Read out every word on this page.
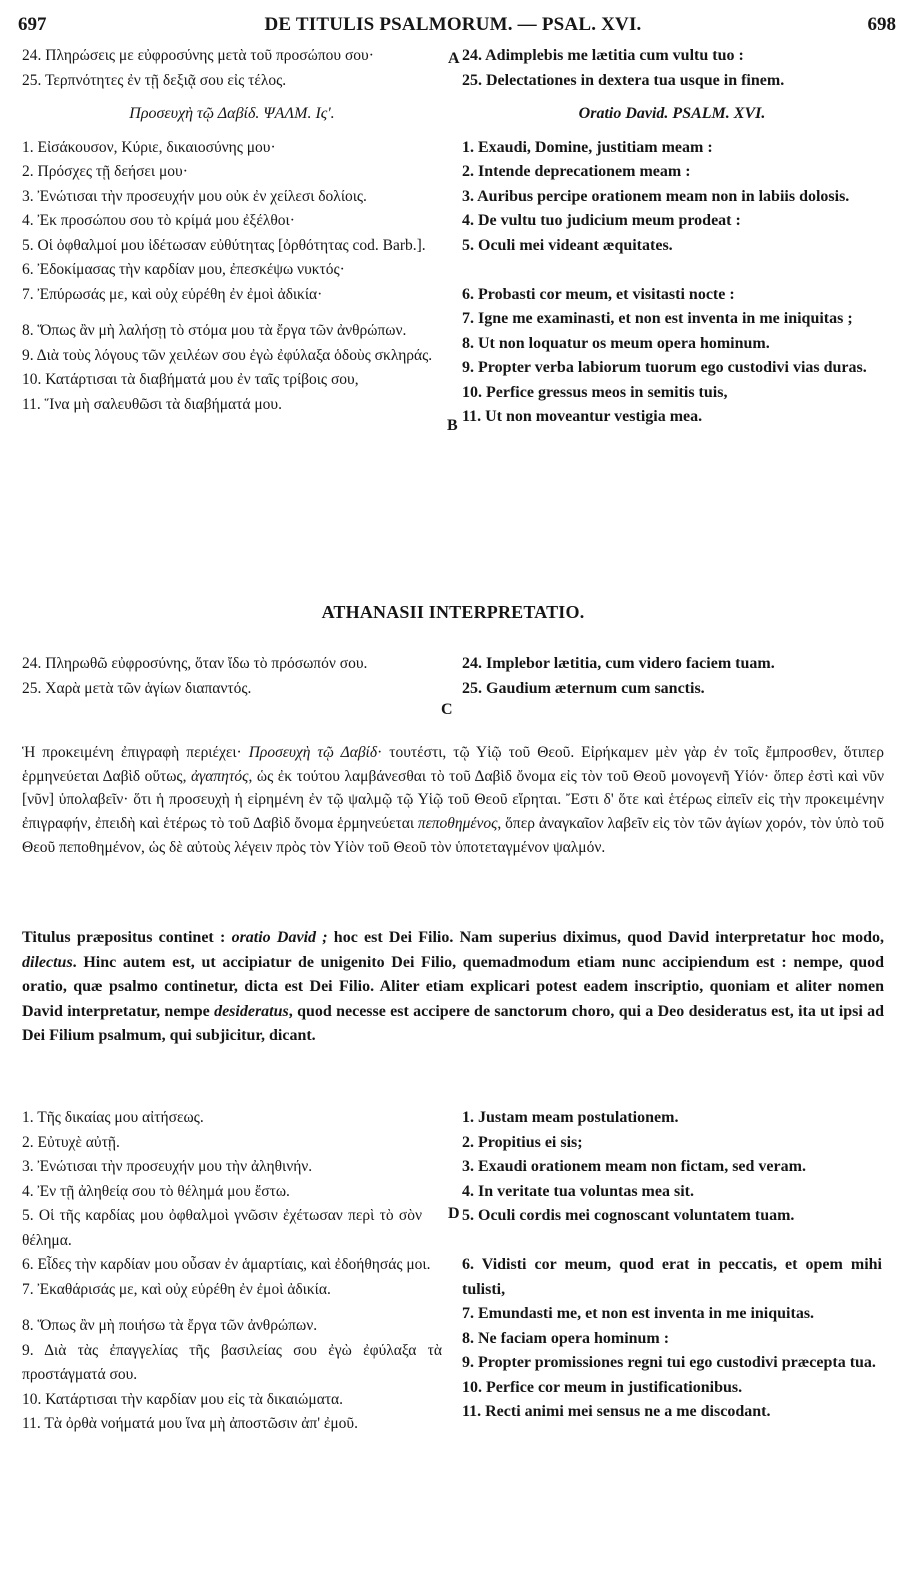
697	DE TITULIS PSALMORUM. — PSAL. XVI.	698

24. Πληρώσεις με εὐφροσύνης μετὰ τοῦ προσώπου σου·

25. Τερπνότητες ἐν τῇ δεξιᾷ σου εἰς τέλος.

Προσευχὴ τῷ Δαβίδ. ΨΑΛΜ. Ις'.

1. Εἰσάκουσον, Κύριε, δικαιοσύνης μου·

2. Πρόσχες τῇ δεήσει μου·

3. Ἐνώτισαι τὴν προσευχήν μου οὐκ ἐν χείλεσι δολίοις.

4. Ἐκ προσώπου σου τὸ κρίμά μου ἐξέλθοι·

5. Οἱ ὀφθαλμοί μου ἰδέτωσαν εὐθύτητας [ὀρθότητας cod. Barb.].

6. Ἐδοκίμασας τὴν καρδίαν μου, ἐπεσκέψω νυκτός·

7. Ἐπύρωσάς με, καὶ οὐχ εὑρέθη ἐν ἐμοὶ ἀδικία·

8. Ὅπως ἂν μὴ λαλήσῃ τὸ στόμα μου τὰ ἔργα τῶν ἀνθρώπων.

9. Διὰ τοὺς λόγους τῶν χειλέων σου ἐγὼ ἐφύλαξα ὁδοὺς σκληράς.

10. Κατάρτισαι τὰ διαβήματά μου ἐν ταῖς τρίβοις σου,

11. Ἵνα μὴ σαλευθῶσι τὰ διαβήματά μου.

24. Adimplebis me lætitia cum vultu tuo :

25. Delectationes in dextera tua usque in finem.

Oratio David. PSALM. XVI.

1. Exaudi, Domine, justitiam meam :

2. Intende deprecationem meam :

3. Auribus percipe orationem meam non in labiis dolosis.

4. De vultu tuo judicium meum prodeat :

5. Oculi mei videant æquitates.

6. Probasti cor meum, et visitasti nocte :

7. Igne me examinasti, et non est inventa in me iniquitas ;

8. Ut non loquatur os meum opera hominum.

9. Propter verba labiorum tuorum ego custodivi vias duras.

10. Perfice gressus meos in semitis tuis,

11. Ut non moveantur vestigia mea.

A
B
ATHANASII INTERPRETATIO.

24. Πληρωθῶ εὐφροσύνης, ὅταν ἴδω τὸ πρόσωπόν σου.

25. Χαρὰ μετὰ τῶν ἁγίων διαπαντός.

24. Implebor lætitia, cum videro faciem tuam.

25. Gaudium æternum cum sanctis.

C

Ἡ προκειμένη ἐπιγραφὴ περιέχει· Προσευχὴ τῷ Δαβίδ· τουτέστι, τῷ Υἱῷ τοῦ Θεοῦ. Εἰρήκαμεν μὲν γὰρ ἐν τοῖς ἔμπροσθεν, ὅτιπερ ἑρμηνεύεται Δαβὶδ οὕτως, ἀγαπητός, ὡς ἐκ τούτου λαμβάνεσθαι τὸ τοῦ Δαβὶδ ὄνομα εἰς τὸν τοῦ Θεοῦ μονογενῆ Υἱόν· ὅπερ ἐστὶ καὶ νῦν [νῦν] ὑπολαβεῖν· ὅτι ἡ προσευχὴ ἡ εἰρημένη ἐν τῷ ψαλμῷ τῷ Υἱῷ τοῦ Θεοῦ εἴρηται. Ἔστι δ' ὅτε καὶ ἑτέρως εἰπεῖν εἰς τὴν προκειμένην ἐπιγραφήν, ἐπειδὴ καὶ ἑτέρως τὸ τοῦ Δαβὶδ ὄνομα ἑρμηνεύεται πεποθημένος, ὅπερ ἀναγκαῖον λαβεῖν εἰς τὸν τῶν ἁγίων χορόν, τὸν ὑπὸ τοῦ Θεοῦ πεποθημένον, ὡς δὲ αὐτοὺς λέγειν πρὸς τὸν Υἱὸν τοῦ Θεοῦ τὸν ὑποτεταγμένον ψαλμόν.

Titulus præpositus continet : oratio David ; hoc est Dei Filio. Nam superius diximus, quod David interpretatur hoc modo, dilectus. Hinc autem est, ut accipiatur de unigenito Dei Filio, quemadmodum etiam nunc accipiendum est : nempe, quod oratio, quæ psalmo continetur, dicta est Dei Filio. Aliter etiam explicari potest eadem inscriptio, quoniam et aliter nomen David interpretatur, nempe desideratus, quod necesse est accipere de sanctorum choro, qui a Deo desideratus est, ita ut ipsi ad Dei Filium psalmum, qui subjicitur, dicant.

1. Τῆς δικαίας μου αἰτήσεως.

2. Εὐτυχὲ αὐτῇ.

3. Ἐνώτισαι τὴν προσευχήν μου τὴν ἀληθινήν.

4. Ἐν τῇ ἀληθείᾳ σου τὸ θέλημά μου ἔστω.

5. Οἱ τῆς καρδίας μου ὀφθαλμοὶ γνῶσιν ἐχέτωσαν περὶ τὸ σὸν θέλημα.

6. Εἶδες τὴν καρδίαν μου οὖσαν ἐν ἁμαρτίαις, καὶ ἐδοήθησάς μοι.

7. Ἐκαθάρισάς με, καὶ οὐχ εὑρέθη ἐν ἐμοὶ ἀδικία.

8. Ὅπως ἂν μὴ ποιήσω τὰ ἔργα τῶν ἀνθρώπων.

9. Διὰ τὰς ἐπαγγελίας τῆς βασιλείας σου ἐγὼ ἐφύλαξα τὰ προστάγματά σου.

10. Κατάρτισαι τὴν καρδίαν μου εἰς τὰ δικαιώματα.

11. Τὰ ὀρθὰ νοήματά μου ἵνα μὴ ἀποστῶσιν ἀπ' ἐμοῦ.

1. Justam meam postulationem.

2. Propitius ei sis;

3. Exaudi orationem meam non fictam, sed veram.

4. In veritate tua voluntas mea sit.

5. Oculi cordis mei cognoscant voluntatem tuam.

6. Vidisti cor meum, quod erat in peccatis, et opem mihi tulisti,

7. Emundasti me, et non est inventa in me iniquitas.

8. Ne faciam opera hominum :

9. Propter promissiones regni tui ego custodivi præcepta tua.

10. Perfice cor meum in justificationibus.

11. Recti animi mei sensus ne a me discodant.

D
